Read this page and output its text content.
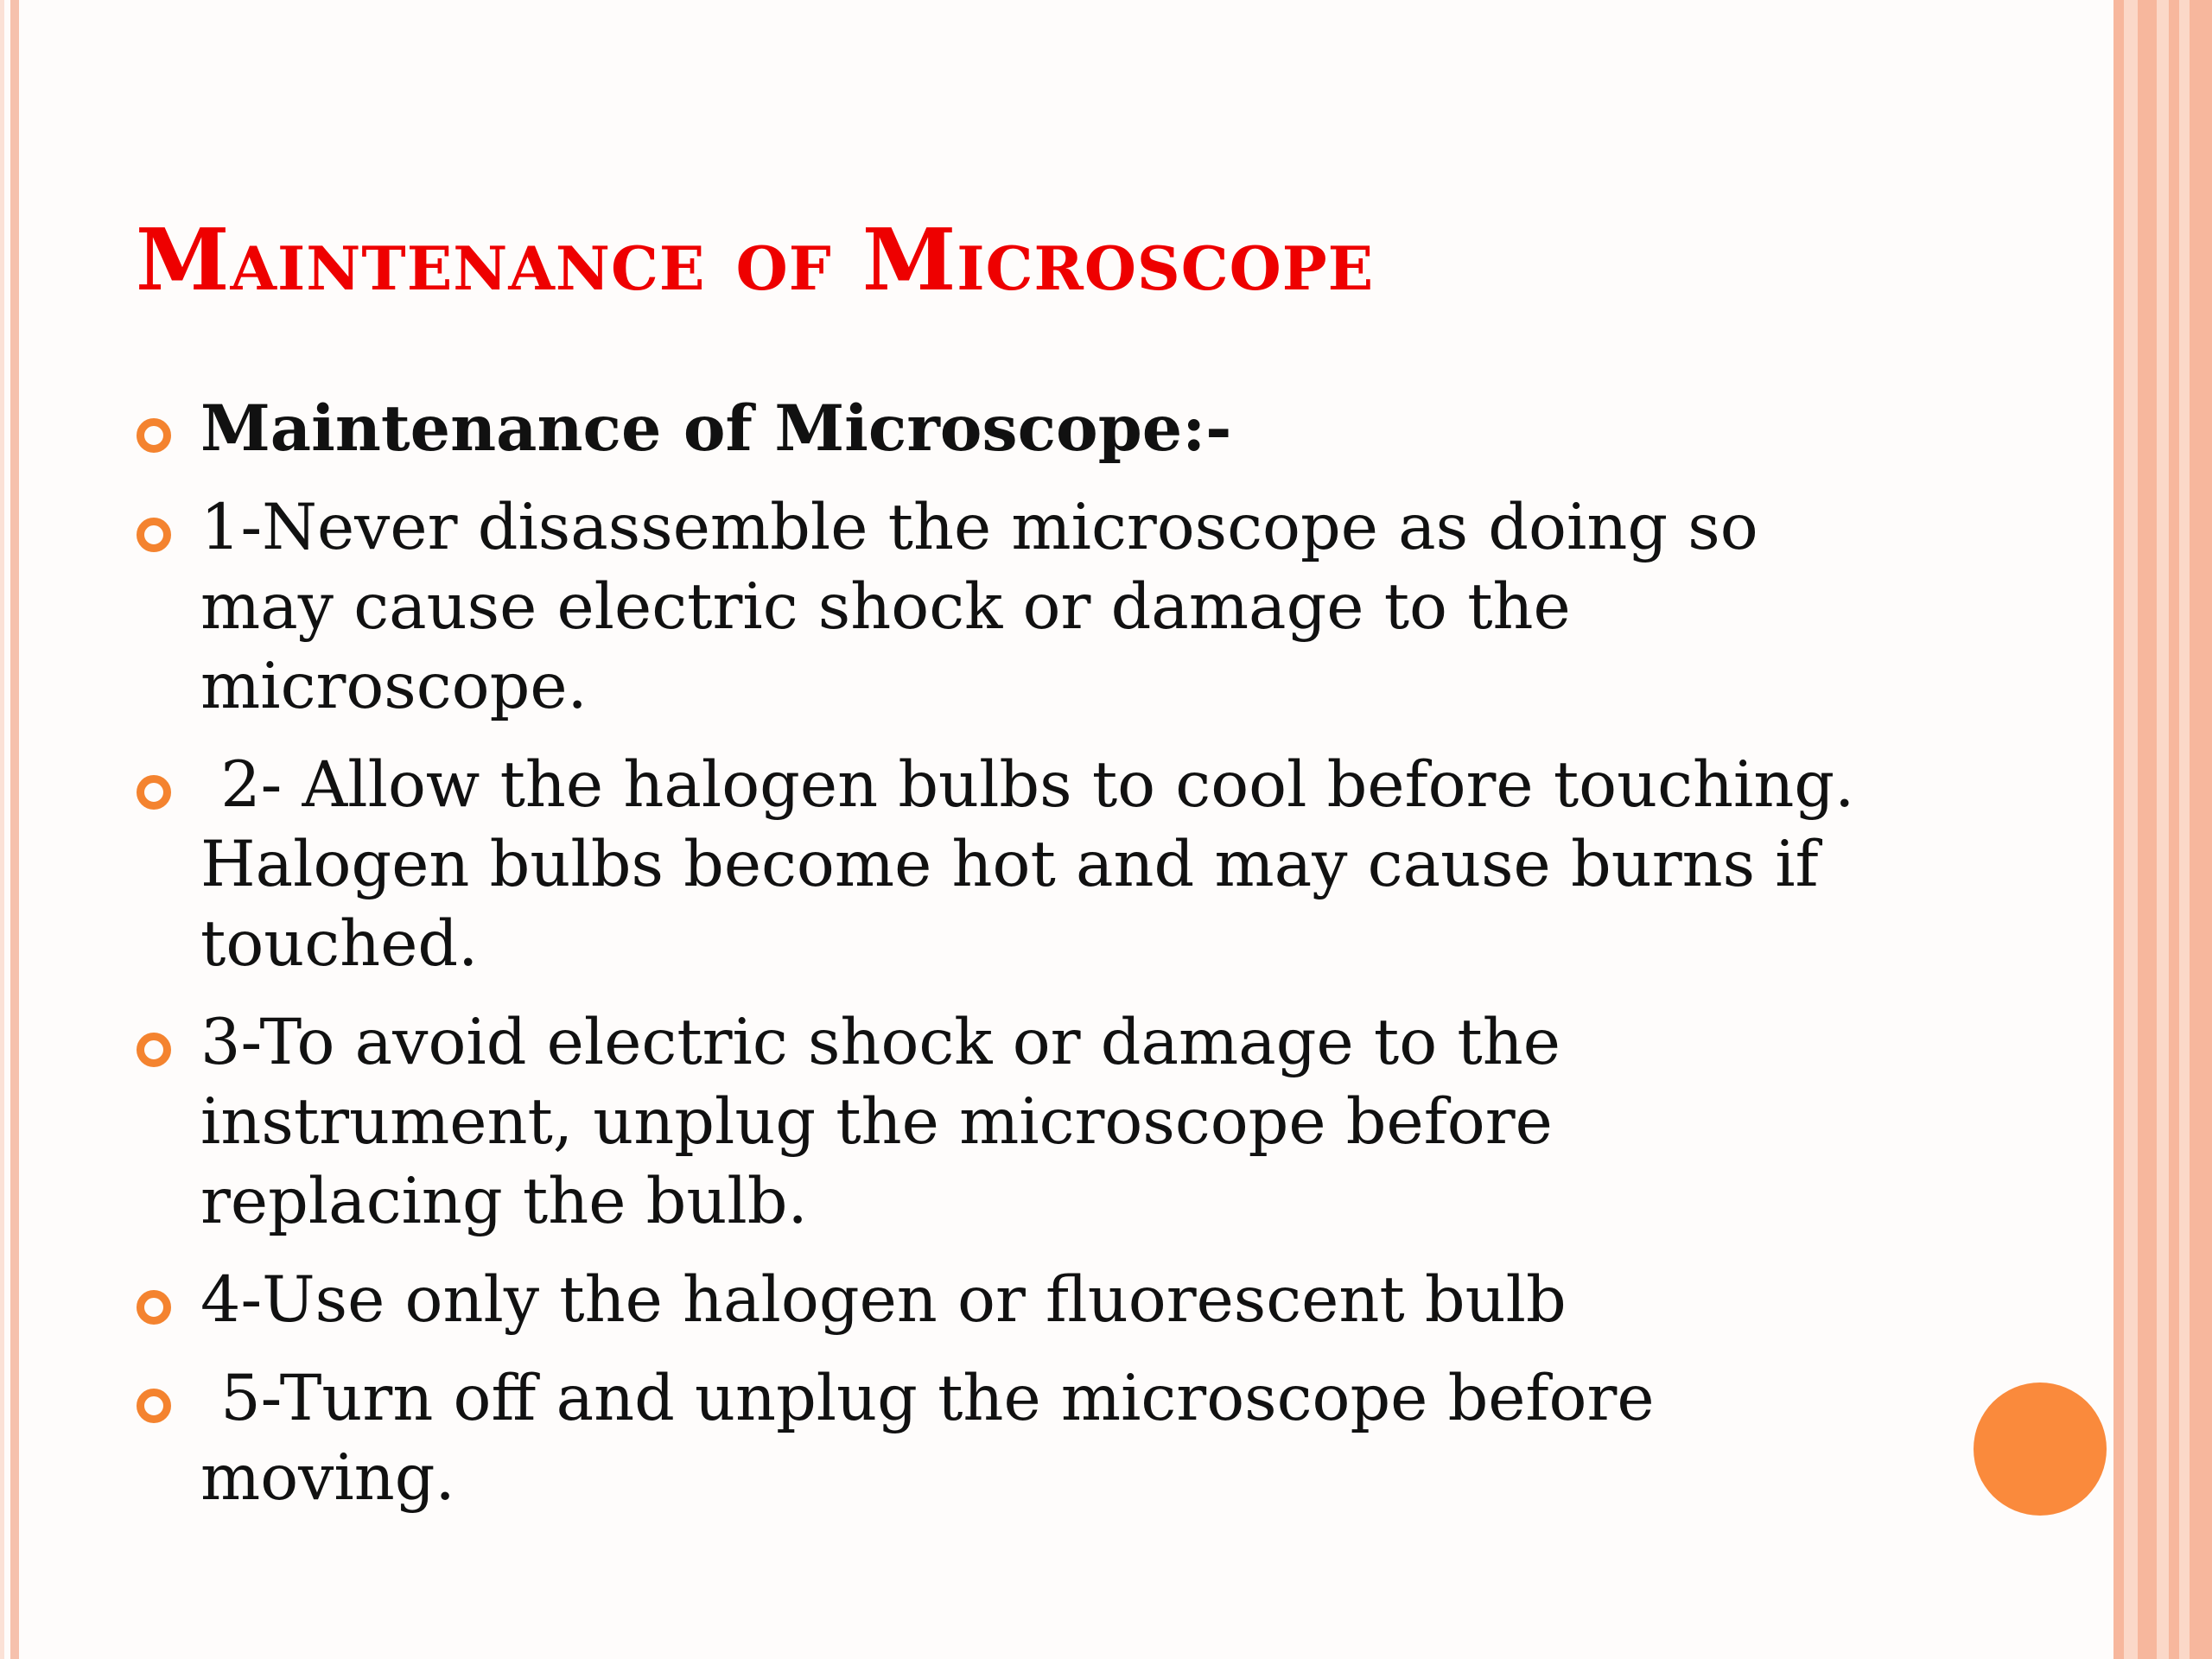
Maintenance of Microscope
Maintenance of Microscope:-
1-Never disassemble the microscope as doing so may cause electric shock or damage to the microscope.
2- Allow the halogen bulbs to cool before touching. Halogen bulbs become hot and may cause burns if touched.
3-To avoid electric shock or damage to the instrument, unplug the microscope before replacing the bulb.
4-Use only the halogen or fluorescent bulb
5-Turn off and unplug the microscope before moving.
